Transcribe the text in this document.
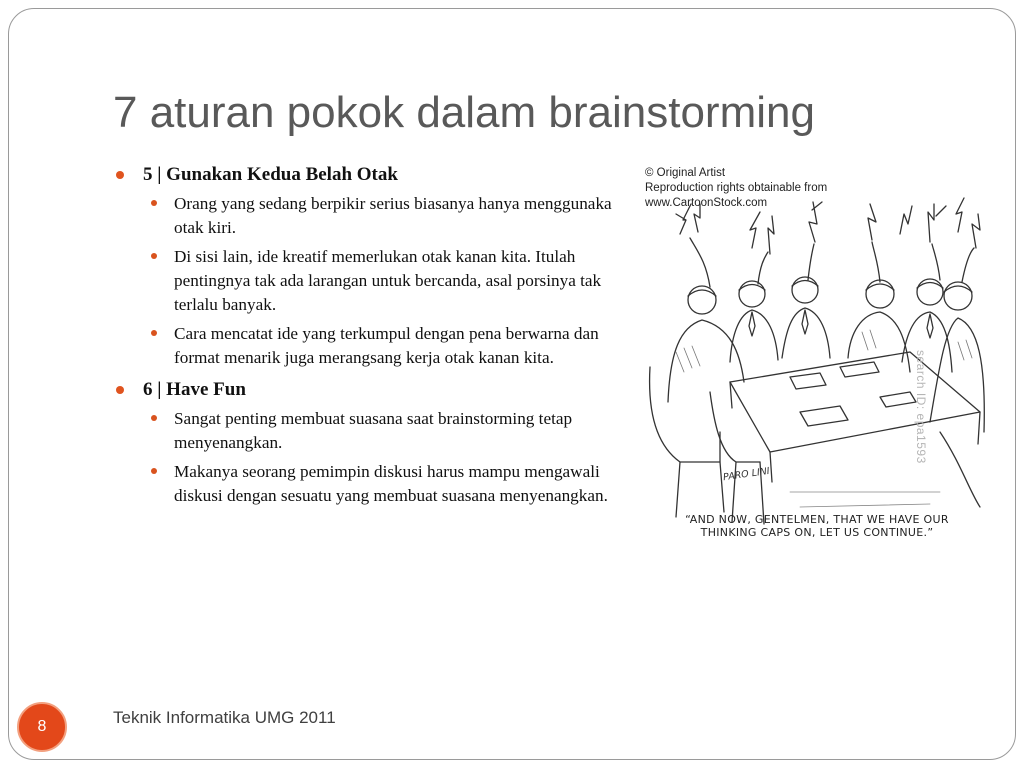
7 aturan pokok dalam brainstorming
5 | Gunakan Kedua Belah Otak
Orang yang sedang berpikir serius biasanya hanya menggunaka otak kiri.
Di sisi lain, ide kreatif memerlukan otak kanan kita. Itulah pentingnya tak ada larangan untuk bercanda, asal porsinya tak terlalu banyak.
Cara mencatat ide yang terkumpul dengan pena berwarna dan format menarik juga merangsang kerja otak kanan kita.
6 | Have Fun
Sangat penting membuat suasana saat brainstorming tetap menyenangkan.
Makanya seorang pemimpin diskusi harus mampu mengawali diskusi dengan sesuatu yang membuat suasana menyenangkan.
© Original Artist
Reproduction rights obtainable from
www.CartoonStock.com
search ID: epa1593
PARO LINI
“AND NOW, GENTELMEN, THAT WE HAVE OUR
THINKING CAPS ON, LET US CONTINUE.”
8	Teknik Informatika UMG 2011
